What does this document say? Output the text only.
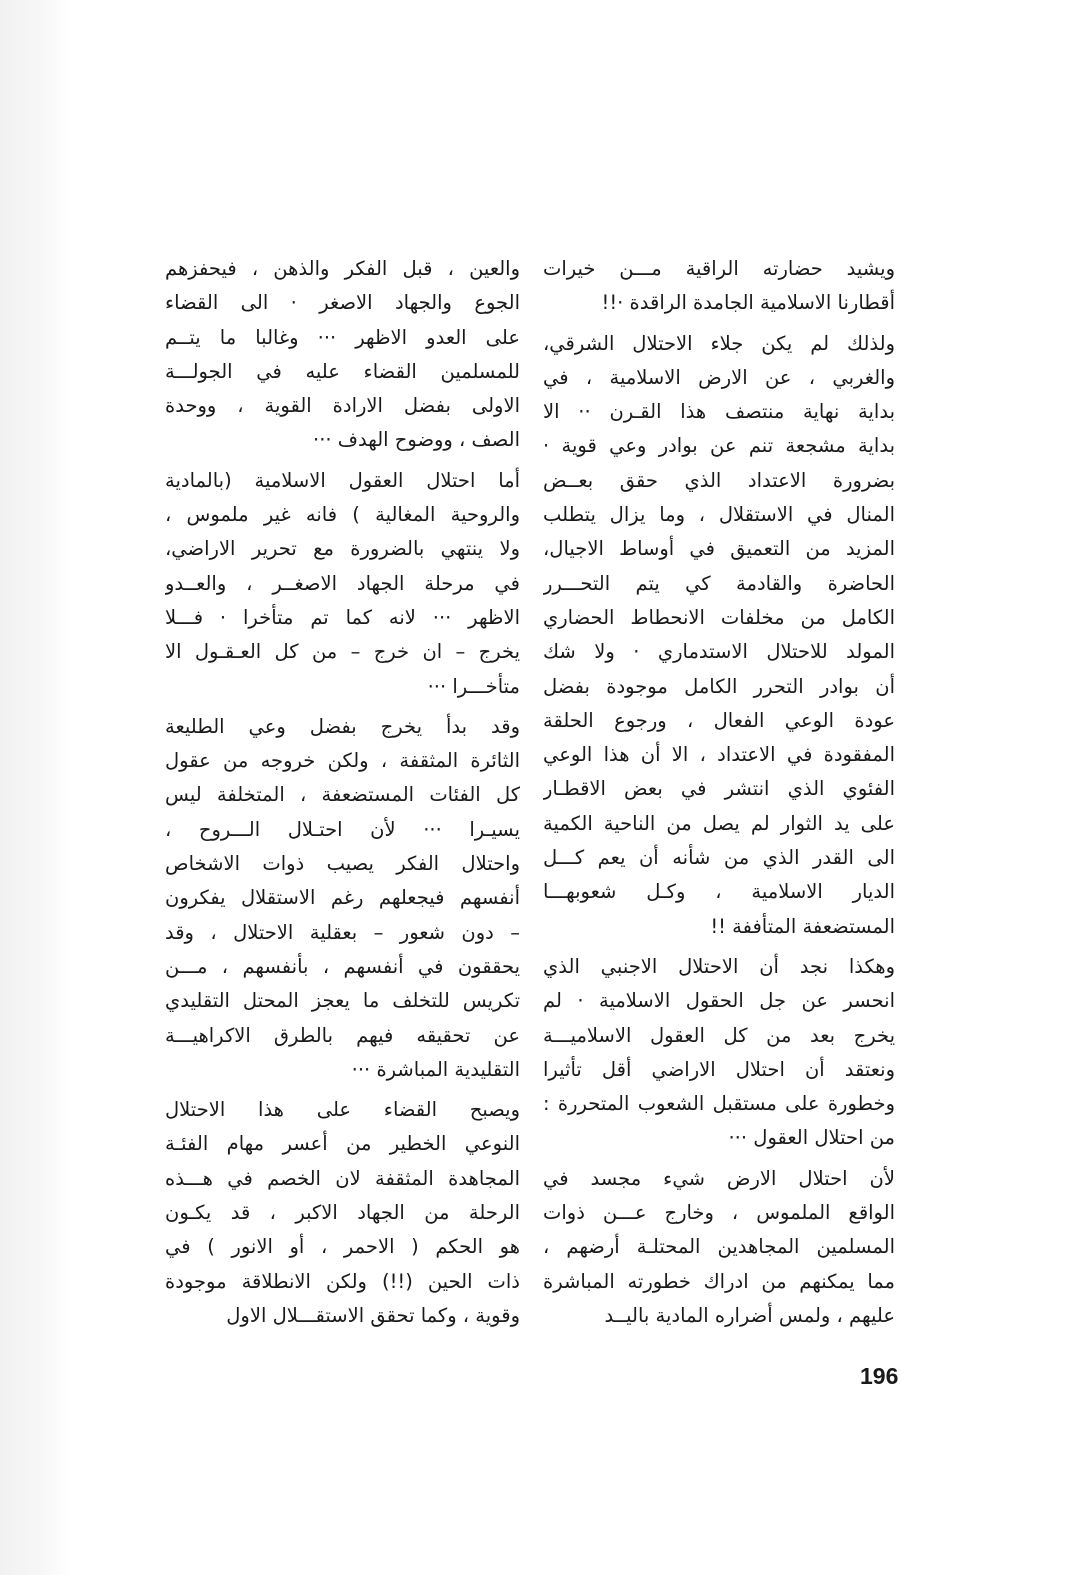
ويشيد حضارته الراقية مـــن خيرات
أقطارنا الاسلامية الجامدة الراقدة ·!!
ولذلك لم يكن جلاء الاحتلال الشرقي،
والغربي ، عن الارض الاسلامية ، في
بداية نهاية منتصف هذا القـرن ·· الا
بداية مشجعة تنم عن بوادر وعي قوية ·
بضرورة الاعتداد الذي حقق بعــض
المنال في الاستقلال ، وما يزال يتطلب
المزيد من التعميق في أوساط الاجيال،
الحاضرة والقادمة كي يتم التحـــرر
الكامل من مخلفات الانحطاط الحضاري
المولد للاحتلال الاستدماري · ولا شك
أن بوادر التحرر الكامل موجودة بفضل
عودة الوعي الفعال ، ورجوع الحلقة
المفقودة في الاعتداد ، الا أن هذا الوعي
الفئوي الذي انتشر في بعض الاقطـار
على يد الثوار لم يصل من الناحية الكمية
الى القدر الذي من شأنه أن يعم كـــل
الديار الاسلامية ، وكـل شعوبهـــا
المستضعفة المتأففة !!
وهكذا نجد أن الاحتلال الاجنبي الذي
انحسر عن جل الحقول الاسلامية · لم
يخرج بعد من كل العقول الاسلاميـــة
ونعتقد أن احتلال الاراضي أقل تأثيرا
وخطورة على مستقبل الشعوب المتحررة :
من احتلال العقول ···
لأن احتلال الارض شيء مجسد في
الواقع الملموس ، وخارج عـــن ذوات
المسلمين المجاهدين المحتلـة أرضهم ،
مما يمكنهم من ادراك خطورته المباشرة
عليهم ، ولمس أضراره المادية باليــد
والعين ، قبل الفكر والذهن ، فيحفزهم
الجوع والجهاد الاصغر · الى القضاء
على العدو الاظهر ··· وغالبا ما يتــم
للمسلمين القضاء عليه في الجولـــة
الاولى بفضل الارادة القوية ، ووحدة
الصف ، ووضوح الهدف ···
أما احتلال العقول الاسلامية (بالمادية
والروحية المغالية ) فانه غير ملموس ،
ولا ينتهي بالضرورة مع تحرير الاراضي،
في مرحلة الجهاد الاصغــر ، والعــدو
الاظهر ··· لانه كما تم متأخرا · فـــلا
يخرج – ان خرج – من كل العـقـول الا
متأخـــرا ···
وقد بدأ يخرج بفضل وعي الطليعة
الثائرة المثقفة ، ولكن خروجه من عقول
كل الفئات المستضعفة ، المتخلفة ليس
يسيـرا ··· لأن احتـلال الـــروح ،
واحتلال الفكر يصيب ذوات الاشخاص
أنفسهم فيجعلهم رغم الاستقلال يفكرون
– دون شعور – بعقلية الاحتلال ، وقد
يحققون في أنفسهم ، بأنفسهم ، مـــن
تكريس للتخلف ما يعجز المحتل التقليدي
عن تحقيقه فيهم بالطرق الاكراهيـــة
التقليدية المباشرة ···
ويصبح القضاء على هذا الاحتلال
النوعي الخطير من أعسر مهام الفئـة
المجاهدة المثقفة لان الخصم في هـــذه
الرحلة من الجهاد الاكبر ، قد يكـون
هو الحكم ( الاحمر ، أو الانور ) في
ذات الحين (!!) ولكن الانطلاقة موجودة
وقوية ، وكما تحقق الاستقـــلال الاول
196
